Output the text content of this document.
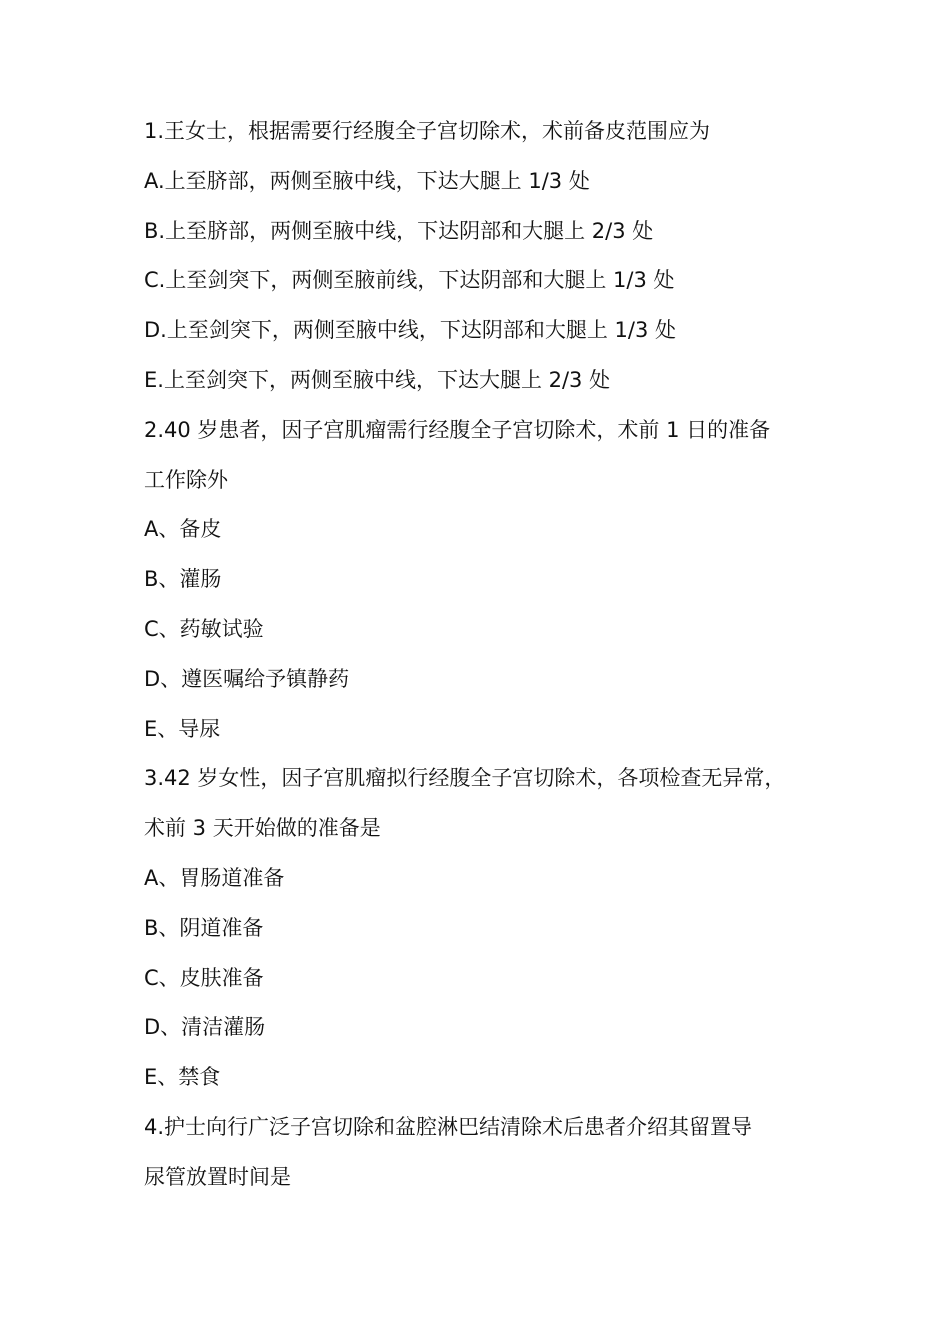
1.王女士，根据需要行经腹全子宫切除术，术前备皮范围应为
A.上至脐部，两侧至腋中线，下达大腿上 1/3 处
B.上至脐部，两侧至腋中线，下达阴部和大腿上 2/3 处
C.上至剑突下，两侧至腋前线，下达阴部和大腿上 1/3 处
D.上至剑突下，两侧至腋中线，下达阴部和大腿上 1/3 处
E.上至剑突下，两侧至腋中线，下达大腿上 2/3 处
2.40 岁患者，因子宫肌瘤需行经腹全子宫切除术，术前 1 日的准备
工作除外
A、备皮
B、灌肠
C、药敏试验
D、遵医嘱给予镇静药
E、导尿
3.42 岁女性，因子宫肌瘤拟行经腹全子宫切除术，各项检查无异常，
术前 3 天开始做的准备是
A、胃肠道准备
B、阴道准备
C、皮肤准备
D、清洁灌肠
E、禁食
4.护士向行广泛子宫切除和盆腔淋巴结清除术后患者介绍其留置导
尿管放置时间是
